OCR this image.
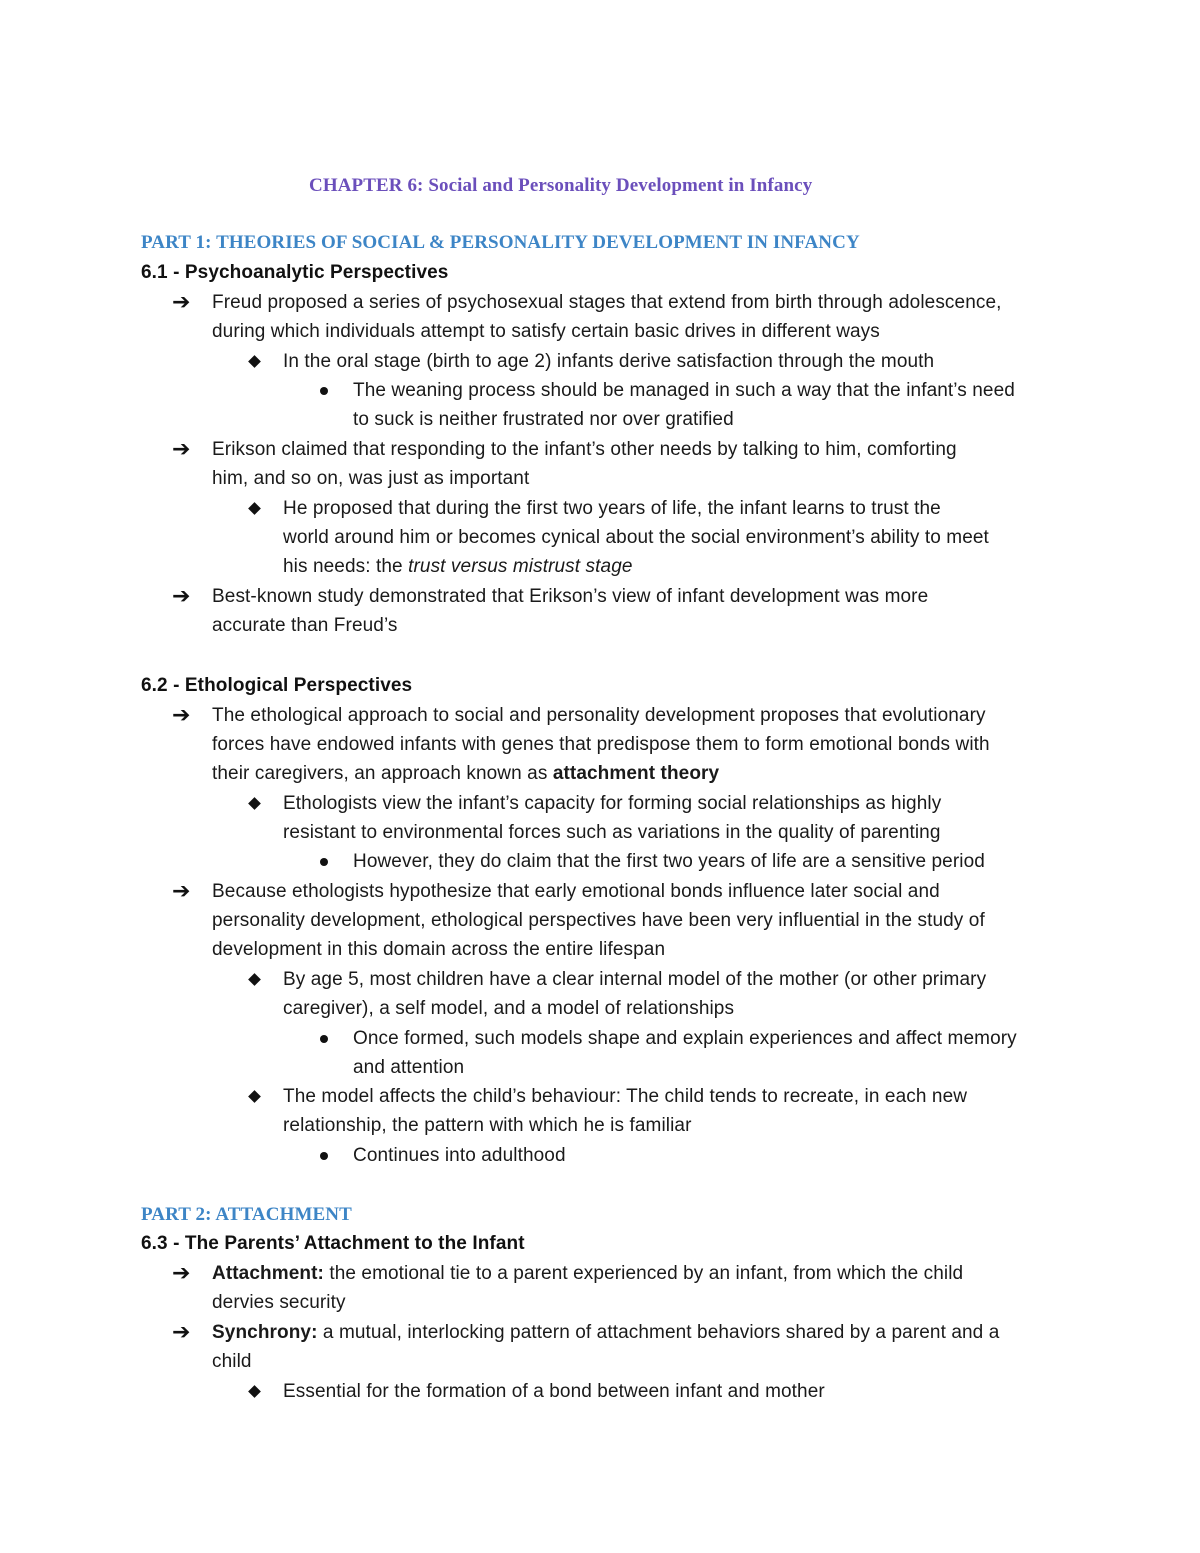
CHAPTER 6: Social and Personality Development in Infancy
PART 1: THEORIES OF SOCIAL & PERSONALITY DEVELOPMENT IN INFANCY
6.1 - Psychoanalytic Perspectives
➔ Freud proposed a series of psychosexual stages that extend from birth through adolescence,
during which individuals attempt to satisfy certain basic drives in different ways
In the oral stage (birth to age 2) infants derive satisfaction through the mouth
The weaning process should be managed in such a way that the infant’s need
to suck is neither frustrated nor over gratified
➔ Erikson claimed that responding to the infant’s other needs by talking to him, comforting
him, and so on, was just as important
He proposed that during the first two years of life, the infant learns to trust the
world around him or becomes cynical about the social environment’s ability to meet
his needs: the trust versus mistrust stage
➔ Best-known study demonstrated that Erikson’s view of infant development was more
accurate than Freud’s
6.2 - Ethological Perspectives
➔ The ethological approach to social and personality development proposes that evolutionary
forces have endowed infants with genes that predispose them to form emotional bonds with
their caregivers, an approach known as attachment theory
Ethologists view the infant’s capacity for forming social relationships as highly
resistant to environmental forces such as variations in the quality of parenting
However, they do claim that the first two years of life are a sensitive period
➔ Because ethologists hypothesize that early emotional bonds influence later social and
personality development, ethological perspectives have been very influential in the study of
development in this domain across the entire lifespan
By age 5, most children have a clear internal model of the mother (or other primary
caregiver), a self model, and a model of relationships
Once formed, such models shape and explain experiences and affect memory
and attention
The model affects the child’s behaviour: The child tends to recreate, in each new
relationship, the pattern with which he is familiar
Continues into adulthood
PART 2: ATTACHMENT
6.3 - The Parents’ Attachment to the Infant
➔ Attachment: the emotional tie to a parent experienced by an infant, from which the child
dervies security
➔ Synchrony: a mutual, interlocking pattern of attachment behaviors shared by a parent and a
child
Essential for the formation of a bond between infant and mother
